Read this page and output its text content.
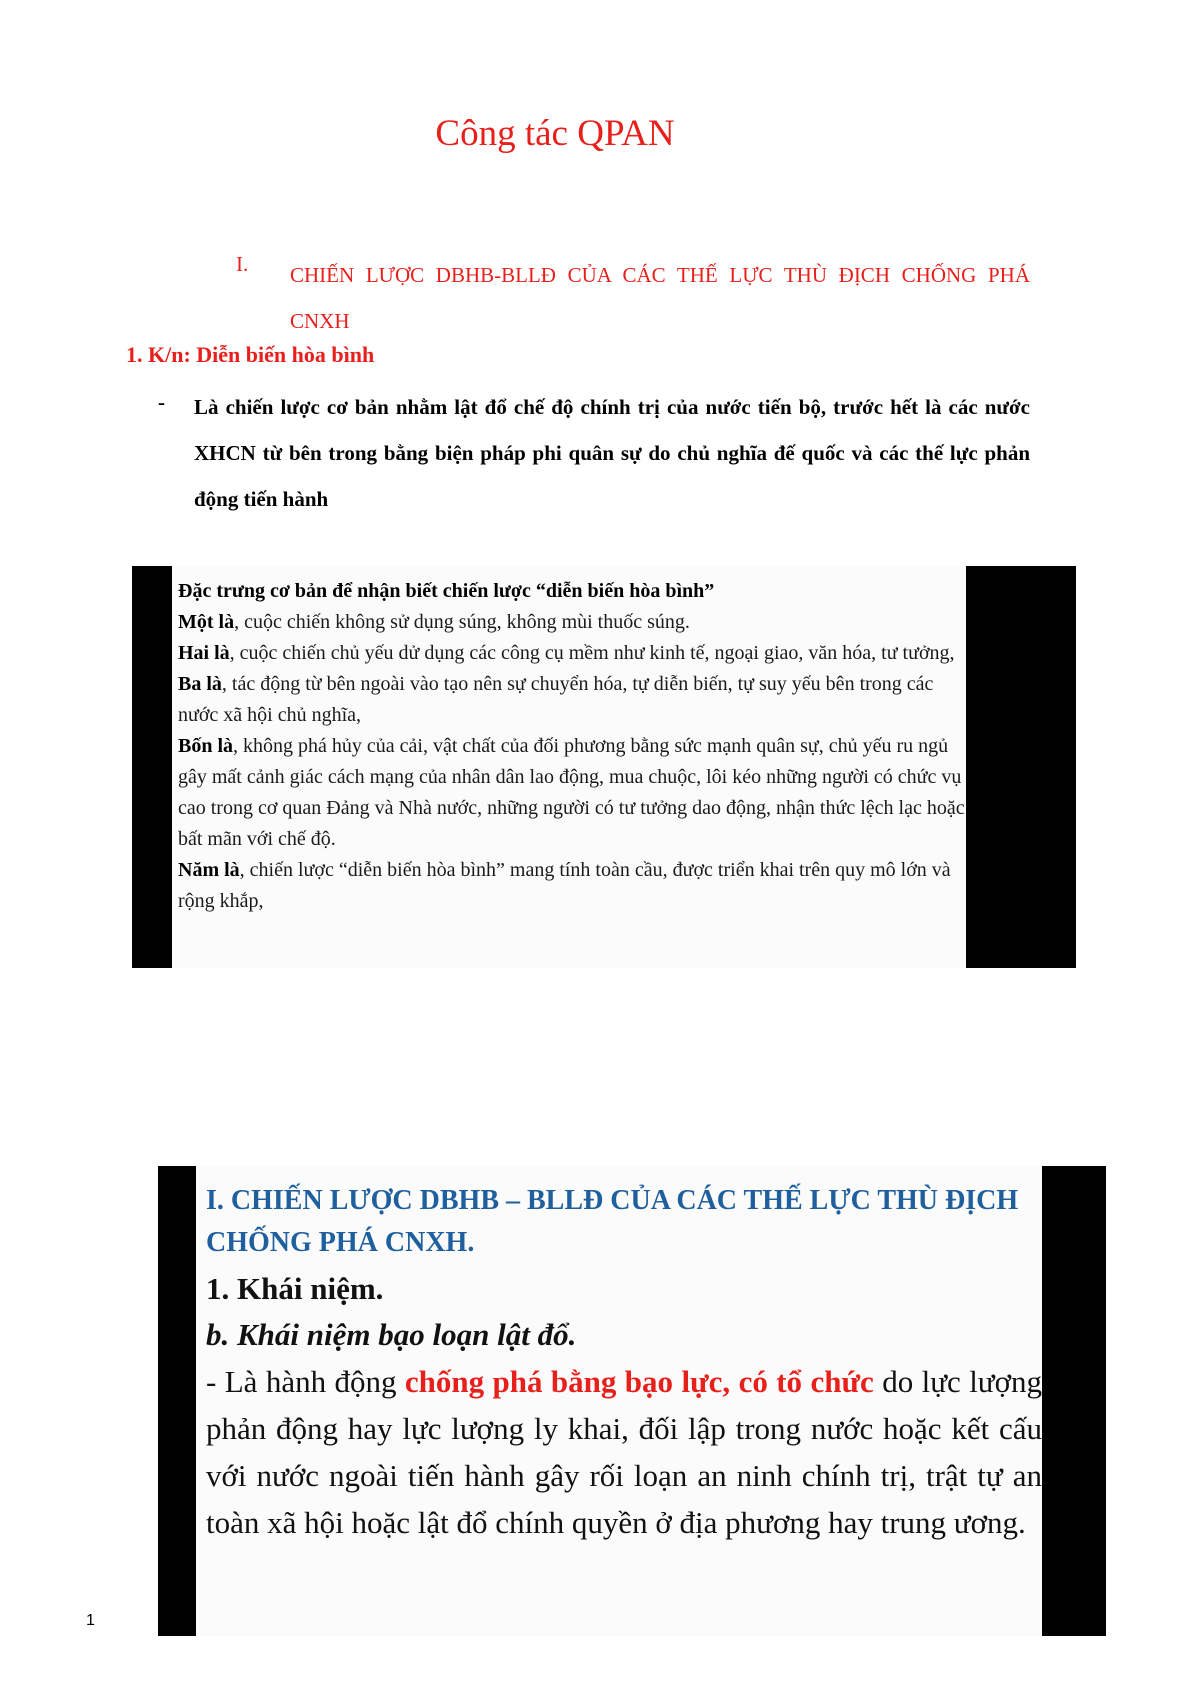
Công tác QPAN
I. CHIẾN LƯỢC DBHB-BLLĐ CỦA CÁC THẾ LỰC THÙ ĐỊCH CHỐNG PHÁ CNXH
1. K/n: Diễn biến hòa bình
- Là chiến lược cơ bản nhằm lật đổ chế độ chính trị của nước tiến bộ, trước hết là các nước XHCN từ bên trong bằng biện pháp phi quân sự do chủ nghĩa đế quốc và các thế lực phản động tiến hành

Đặc trưng cơ bản để nhận biết chiến lược “diễn biến hòa bình”

Một là, cuộc chiến không sử dụng súng, không mùi thuốc súng.

Hai là, cuộc chiến chủ yếu dử dụng các công cụ mềm như kinh tế, ngoại giao, văn hóa, tư tưởng,

Ba là, tác động từ bên ngoài vào tạo nên sự chuyển hóa, tự diễn biến, tự suy yếu bên trong các nước xã hội chủ nghĩa,

Bốn là, không phá hủy của cải, vật chất của đối phương bằng sức mạnh quân sự, chủ yếu ru ngủ gây mất cảnh giác cách mạng của nhân dân lao động, mua chuộc, lôi kéo những người có chức vụ cao trong cơ quan Đảng và Nhà nước, những người có tư tưởng dao động, nhận thức lệch lạc hoặc bất mãn với chế độ.

Năm là, chiến lược “diễn biến hòa bình” mang tính toàn cầu, được triển khai trên quy mô lớn và rộng khắp,

I. CHIẾN LƯỢC DBHB – BLLĐ CỦA CÁC THẾ LỰC THÙ ĐỊCH CHỐNG PHÁ CNXH.

1. Khái niệm.

b. Khái niệm bạo loạn lật đổ.

- Là hành động chống phá bằng bạo lực, có tổ chức do lực lượng phản động hay lực lượng ly khai, đối lập trong nước hoặc kết cấu với nước ngoài tiến hành gây rối loạn an ninh chính trị, trật tự an toàn xã hội hoặc lật đổ chính quyền ở địa phương hay trung ương.

1
